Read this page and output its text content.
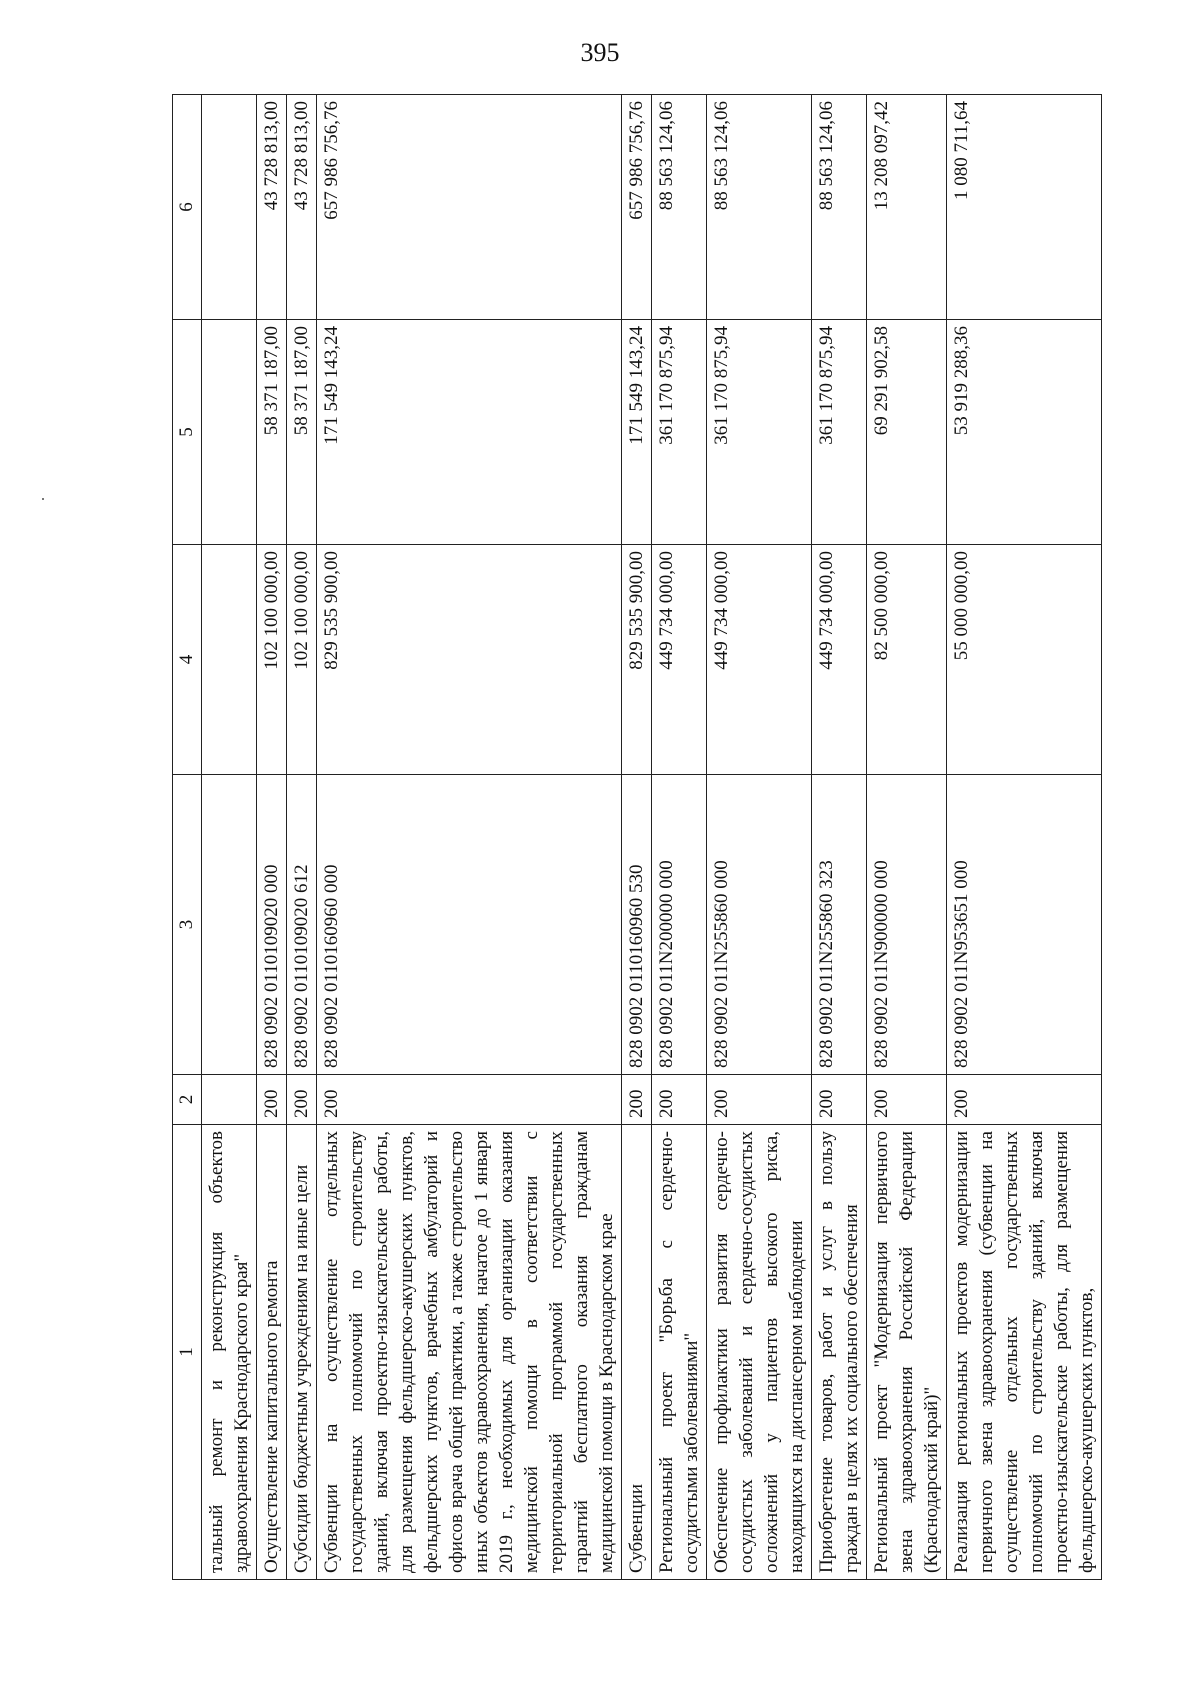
395
1	2	3	4	5	6
тальный ремонт и реконструкция объектов здравоохранения Краснодарского края"					
Осуществление капитального ремонта	200	828 0902 0110109020 000	102 100 000,00	58 371 187,00	43 728 813,00
Субсидии бюджетным учреждениям на иные цели	200	828 0902 0110109020 612	102 100 000,00	58 371 187,00	43 728 813,00
Субвенции на осуществление отдельных государственных полномочий по строительству зданий, включая проектно-изыскательские работы, для размещения фельдшерско-акушерских пунктов, фельдшерских пунктов, врачебных амбулаторий и офисов врача общей практики, а также строительство иных объектов здравоохранения, начатое до 1 января 2019 г., необходимых для организации оказания медицинской помощи в соответствии с территориальной программой государственных гарантий бесплатного оказания гражданам медицинской помощи в Краснодарском крае	200	828 0902 0110160960 000	829 535 900,00	171 549 143,24	657 986 756,76
Субвенции	200	828 0902 0110160960 530	829 535 900,00	171 549 143,24	657 986 756,76
Региональный проект "Борьба с сердечно-сосудистыми заболеваниями"	200	828 0902 011N200000 000	449 734 000,00	361 170 875,94	88 563 124,06
Обеспечение профилактики развития сердечно-сосудистых заболеваний и сердечно-сосудистых осложнений у пациентов высокого риска, находящихся на диспансерном наблюдении	200	828 0902 011N255860 000	449 734 000,00	361 170 875,94	88 563 124,06
Приобретение товаров, работ и услуг в пользу граждан в целях их социального обеспечения	200	828 0902 011N255860 323	449 734 000,00	361 170 875,94	88 563 124,06
Региональный проект "Модернизация первичного звена здравоохранения Российской Федерации (Краснодарский край)"	200	828 0902 011N900000 000	82 500 000,00	69 291 902,58	13 208 097,42
Реализация региональных проектов модернизации первичного звена здравоохранения (субвенции на осуществление отдельных государственных полномочий по строительству зданий, включая проектно-изыскательские работы, для размещения фельдшерско-акушерских пунктов,	200	828 0902 011N953651 000	55 000 000,00	53 919 288,36	1 080 711,64
